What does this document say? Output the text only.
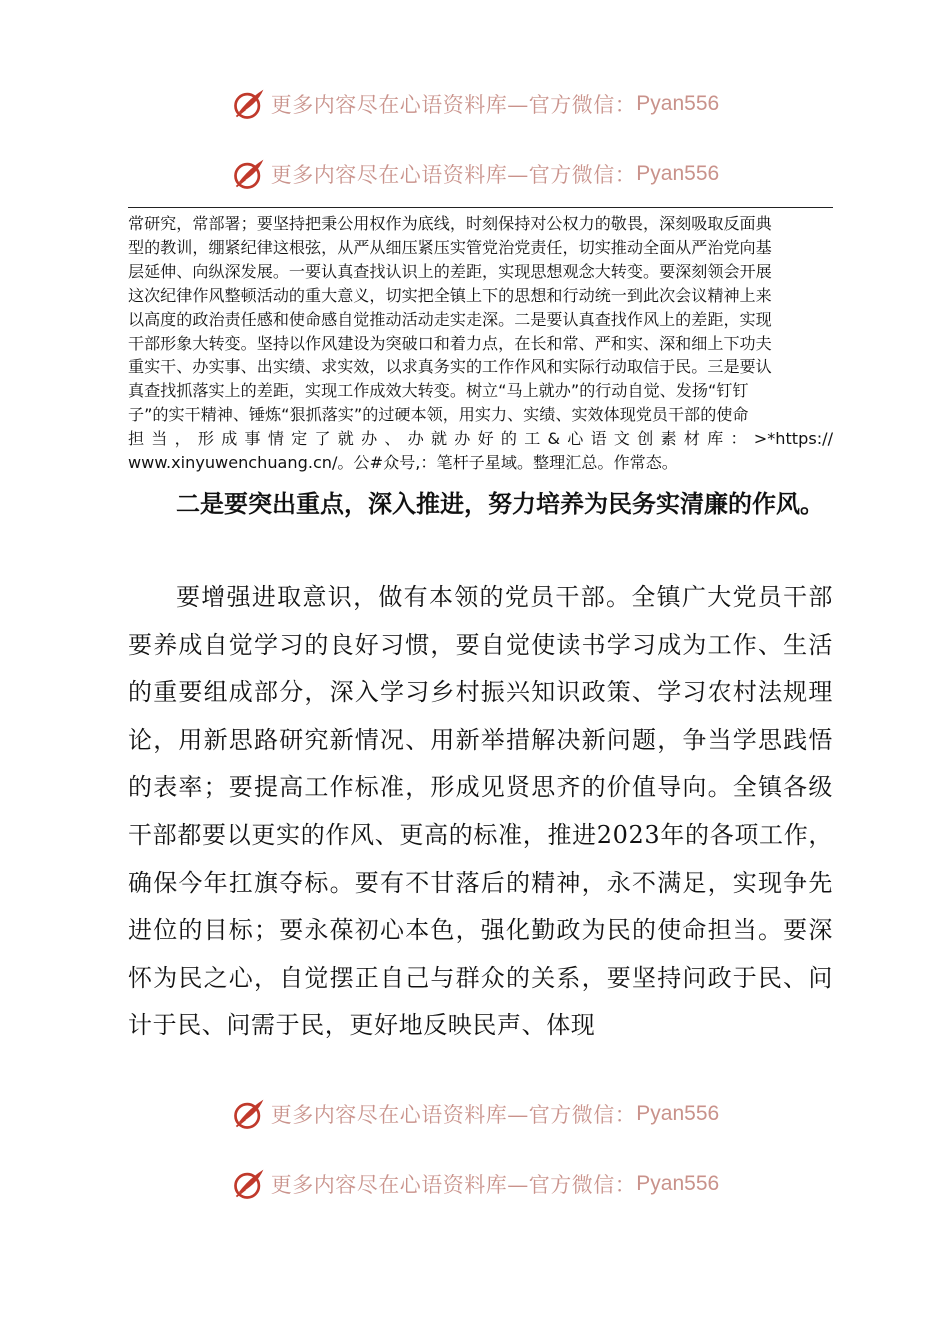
更多内容尽在心语资料库—官方微信： Pyan556
更多内容尽在心语资料库—官方微信： Pyan556
常研究，常部署；要坚持把秉公用权作为底线，时刻保持对公权力的敬畏，深刻吸取反面典
型的教训，绷紧纪律这根弦，从严从细压紧压实管党治党责任，切实推动全面从严治党向基
层延伸、向纵深发展。一要认真查找认识上的差距，实现思想观念大转变。要深刻领会开展
这次纪律作风整顿活动的重大意义，切实把全镇上下的思想和行动统一到此次会议精神上来
以高度的政治责任感和使命感自觉推动活动走实走深。二是要认真查找作风上的差距，实现
干部形象大转变。坚持以作风建设为突破口和着力点，在长和常、严和实、深和细上下功夫
重实干、办实事、出实绩、求实效，以求真务实的工作作风和实际行动取信于民。三是要认
真查找抓落实上的差距，实现工作成效大转变。树立“马上就办”的行动自觉、发扬“钉钉
子”的实干精神、锤炼“狠抓落实”的过硬本领，用实力、实绩、实效体现党员干部的使命
担当，形成事情定了就办、办就办好的工&心语文创素材库：>*https://
www.xinyuwenchuang.cn/。公#众号,：笔杆子星域。整理汇总。作常态。
二是要突出重点，深入推进，努力培养为民务实清廉的作风。
要增强进取意识，做有本领的党员干部。全镇广大党员干部要养成自觉学习的良好习惯，要自觉使读书学习成为工作、生活的重要组成部分，深入学习乡村振兴知识政策、学习农村法规理论，用新思路研究新情况、用新举措解决新问题，争当学思践悟的表率；要提高工作标准，形成见贤思齐的价值导向。全镇各级干部都要以更实的作风、更高的标准，推进2023年的各项工作，确保今年扛旗夺标。要有不甘落后的精神，永不满足，实现争先进位的目标；要永葆初心本色，强化勤政为民的使命担当。要深怀为民之心，自觉摆正自己与群众的关系，要坚持问政于民、问计于民、问需于民，更好地反映民声、体现
更多内容尽在心语资料库—官方微信： Pyan556
更多内容尽在心语资料库—官方微信： Pyan556
